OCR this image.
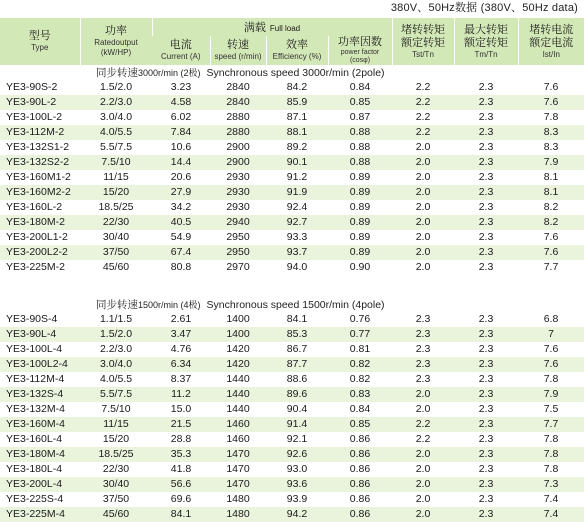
380V、50Hz数据 (380V、50Hz data)
型号
Type	功率
Ratedoutput
(kW/HP)	满载 Full load				堵转转矩
额定转矩
Tst/Tn	最大转矩
额定转矩
Tm/Tn	堵转电流
额定电流
Ist/In

		电流
Current (A)	转速
speed (r/min)	效率
Efficiency (%)	功率因数
power factor
(cosφ)			

同步转速3000r/min (2极) Synchronous speed 3000r/min (2pole)								
YE3-90S-2	1.5/2.0	3.23	2840	84.2	0.84	2.2	2.3	7.6
YE3-90L-2	2.2/3.0	4.58	2840	85.9	0.85	2.2	2.3	7.6
YE3-100L-2	3.0/4.0	6.02	2880	87.1	0.87	2.2	2.3	7.8
YE3-112M-2	4.0/5.5	7.84	2880	88.1	0.88	2.2	2.3	8.3
YE3-132S1-2	5.5/7.5	10.6	2900	89.2	0.88	2.0	2.3	8.3
YE3-132S2-2	7.5/10	14.4	2900	90.1	0.88	2.0	2.3	7.9
YE3-160M1-2	11/15	20.6	2930	91.2	0.89	2.0	2.3	8.1
YE3-160M2-2	15/20	27.9	2930	91.9	0.89	2.0	2.3	8.1
YE3-160L-2	18.5/25	34.2	2930	92.4	0.89	2.0	2.3	8.2
YE3-180M-2	22/30	40.5	2940	92.7	0.89	2.0	2.3	8.2
YE3-200L1-2	30/40	54.9	2950	93.3	0.89	2.0	2.3	7.6
YE3-200L2-2	37/50	67.4	2950	93.7	0.89	2.0	2.3	7.6
YE3-225M-2	45/60	80.8	2970	94.0	0.90	2.0	2.3	7.7

同步转速1500r/min (4极) Synchronous speed 1500r/min (4pole)								
YE3-90S-4	1.1/1.5	2.61	1400	84.1	0.76	2.3	2.3	6.8
YE3-90L-4	1.5/2.0	3.47	1400	85.3	0.77	2.3	2.3	7
YE3-100L-4	2.2/3.0	4.76	1420	86.7	0.81	2.3	2.3	7.6
YE3-100L2-4	3.0/4.0	6.34	1420	87.7	0.82	2.3	2.3	7.6
YE3-112M-4	4.0/5.5	8.37	1440	88.6	0.82	2.3	2.3	7.8
YE3-132S-4	5.5/7.5	11.2	1440	89.6	0.83	2.0	2.3	7.9
YE3-132M-4	7.5/10	15.0	1440	90.4	0.84	2.0	2.3	7.5
YE3-160M-4	11/15	21.5	1460	91.4	0.85	2.2	2.3	7.7
YE3-160L-4	15/20	28.8	1460	92.1	0.86	2.2	2.3	7.8
YE3-180M-4	18.5/25	35.3	1470	92.6	0.86	2.0	2.3	7.8
YE3-180L-4	22/30	41.8	1470	93.0	0.86	2.0	2.3	7.8
YE3-200L-4	30/40	56.6	1470	93.6	0.86	2.0	2.3	7.3
YE3-225S-4	37/50	69.6	1480	93.9	0.86	2.0	2.3	7.4
YE3-225M-4	45/60	84.1	1480	94.2	0.86	2.0	2.3	7.4
